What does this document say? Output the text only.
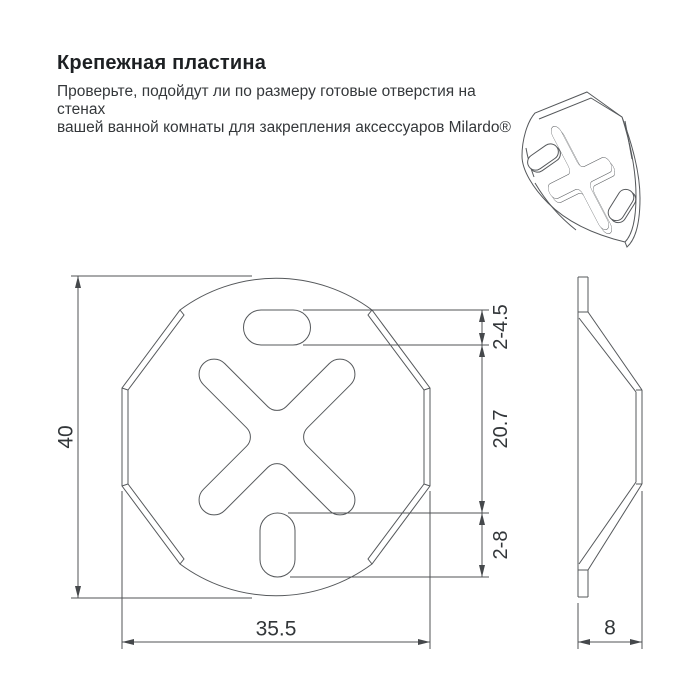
Крепежная пластина

Проверьте, подойдут ли по размеру готовые отверстия на стенах
вашей ванной комнаты для закрепления аксессуаров Milardo®

40
35.5
2-4.5
20.7
2-8
8
